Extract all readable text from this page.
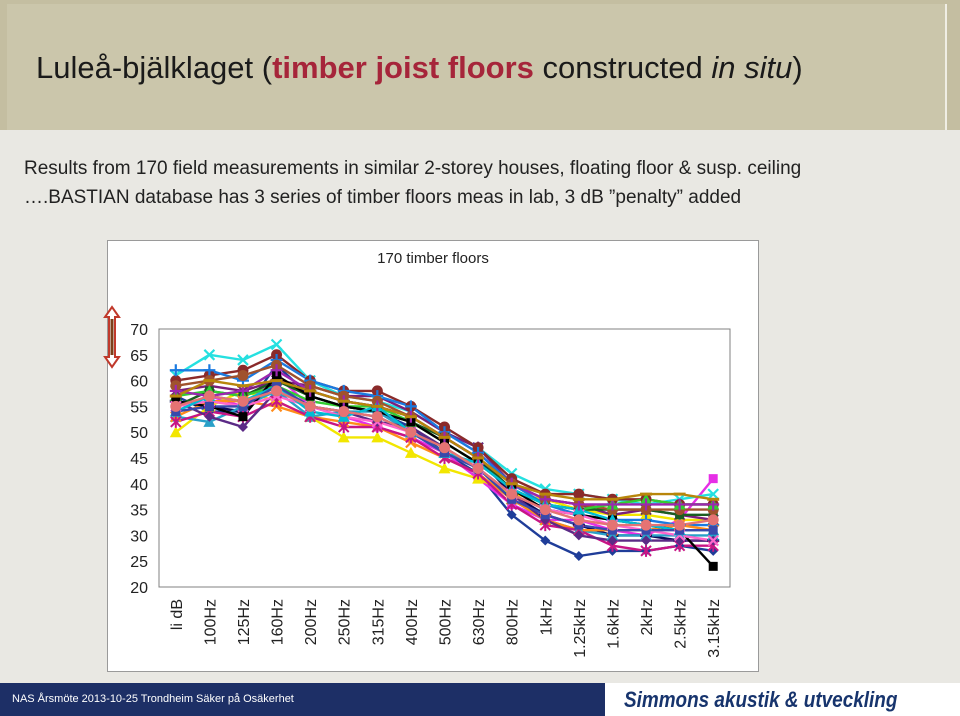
Luleå-bjälklaget (timber joist floors constructed in situ)
Results from 170 field measurements in similar 2-storey houses, floating floor & susp. ceiling
….BASTIAN database has 3 series of timber floors meas in lab, 3 dB ”penalty” added
170 timber floors
70
65
60
55
50
45
40
35
30
25
20
li dB 100Hz 125Hz 160Hz 200Hz 250Hz 315Hz 400Hz 500Hz 630Hz 800Hz 1kHz 1.25kHz 1.6kHz 2kHz 2.5kHz 3.15kHz
NAS Årsmöte 2013-10-25 Trondheim Säker på Osäkerhet	Simmons akustik & utveckling
